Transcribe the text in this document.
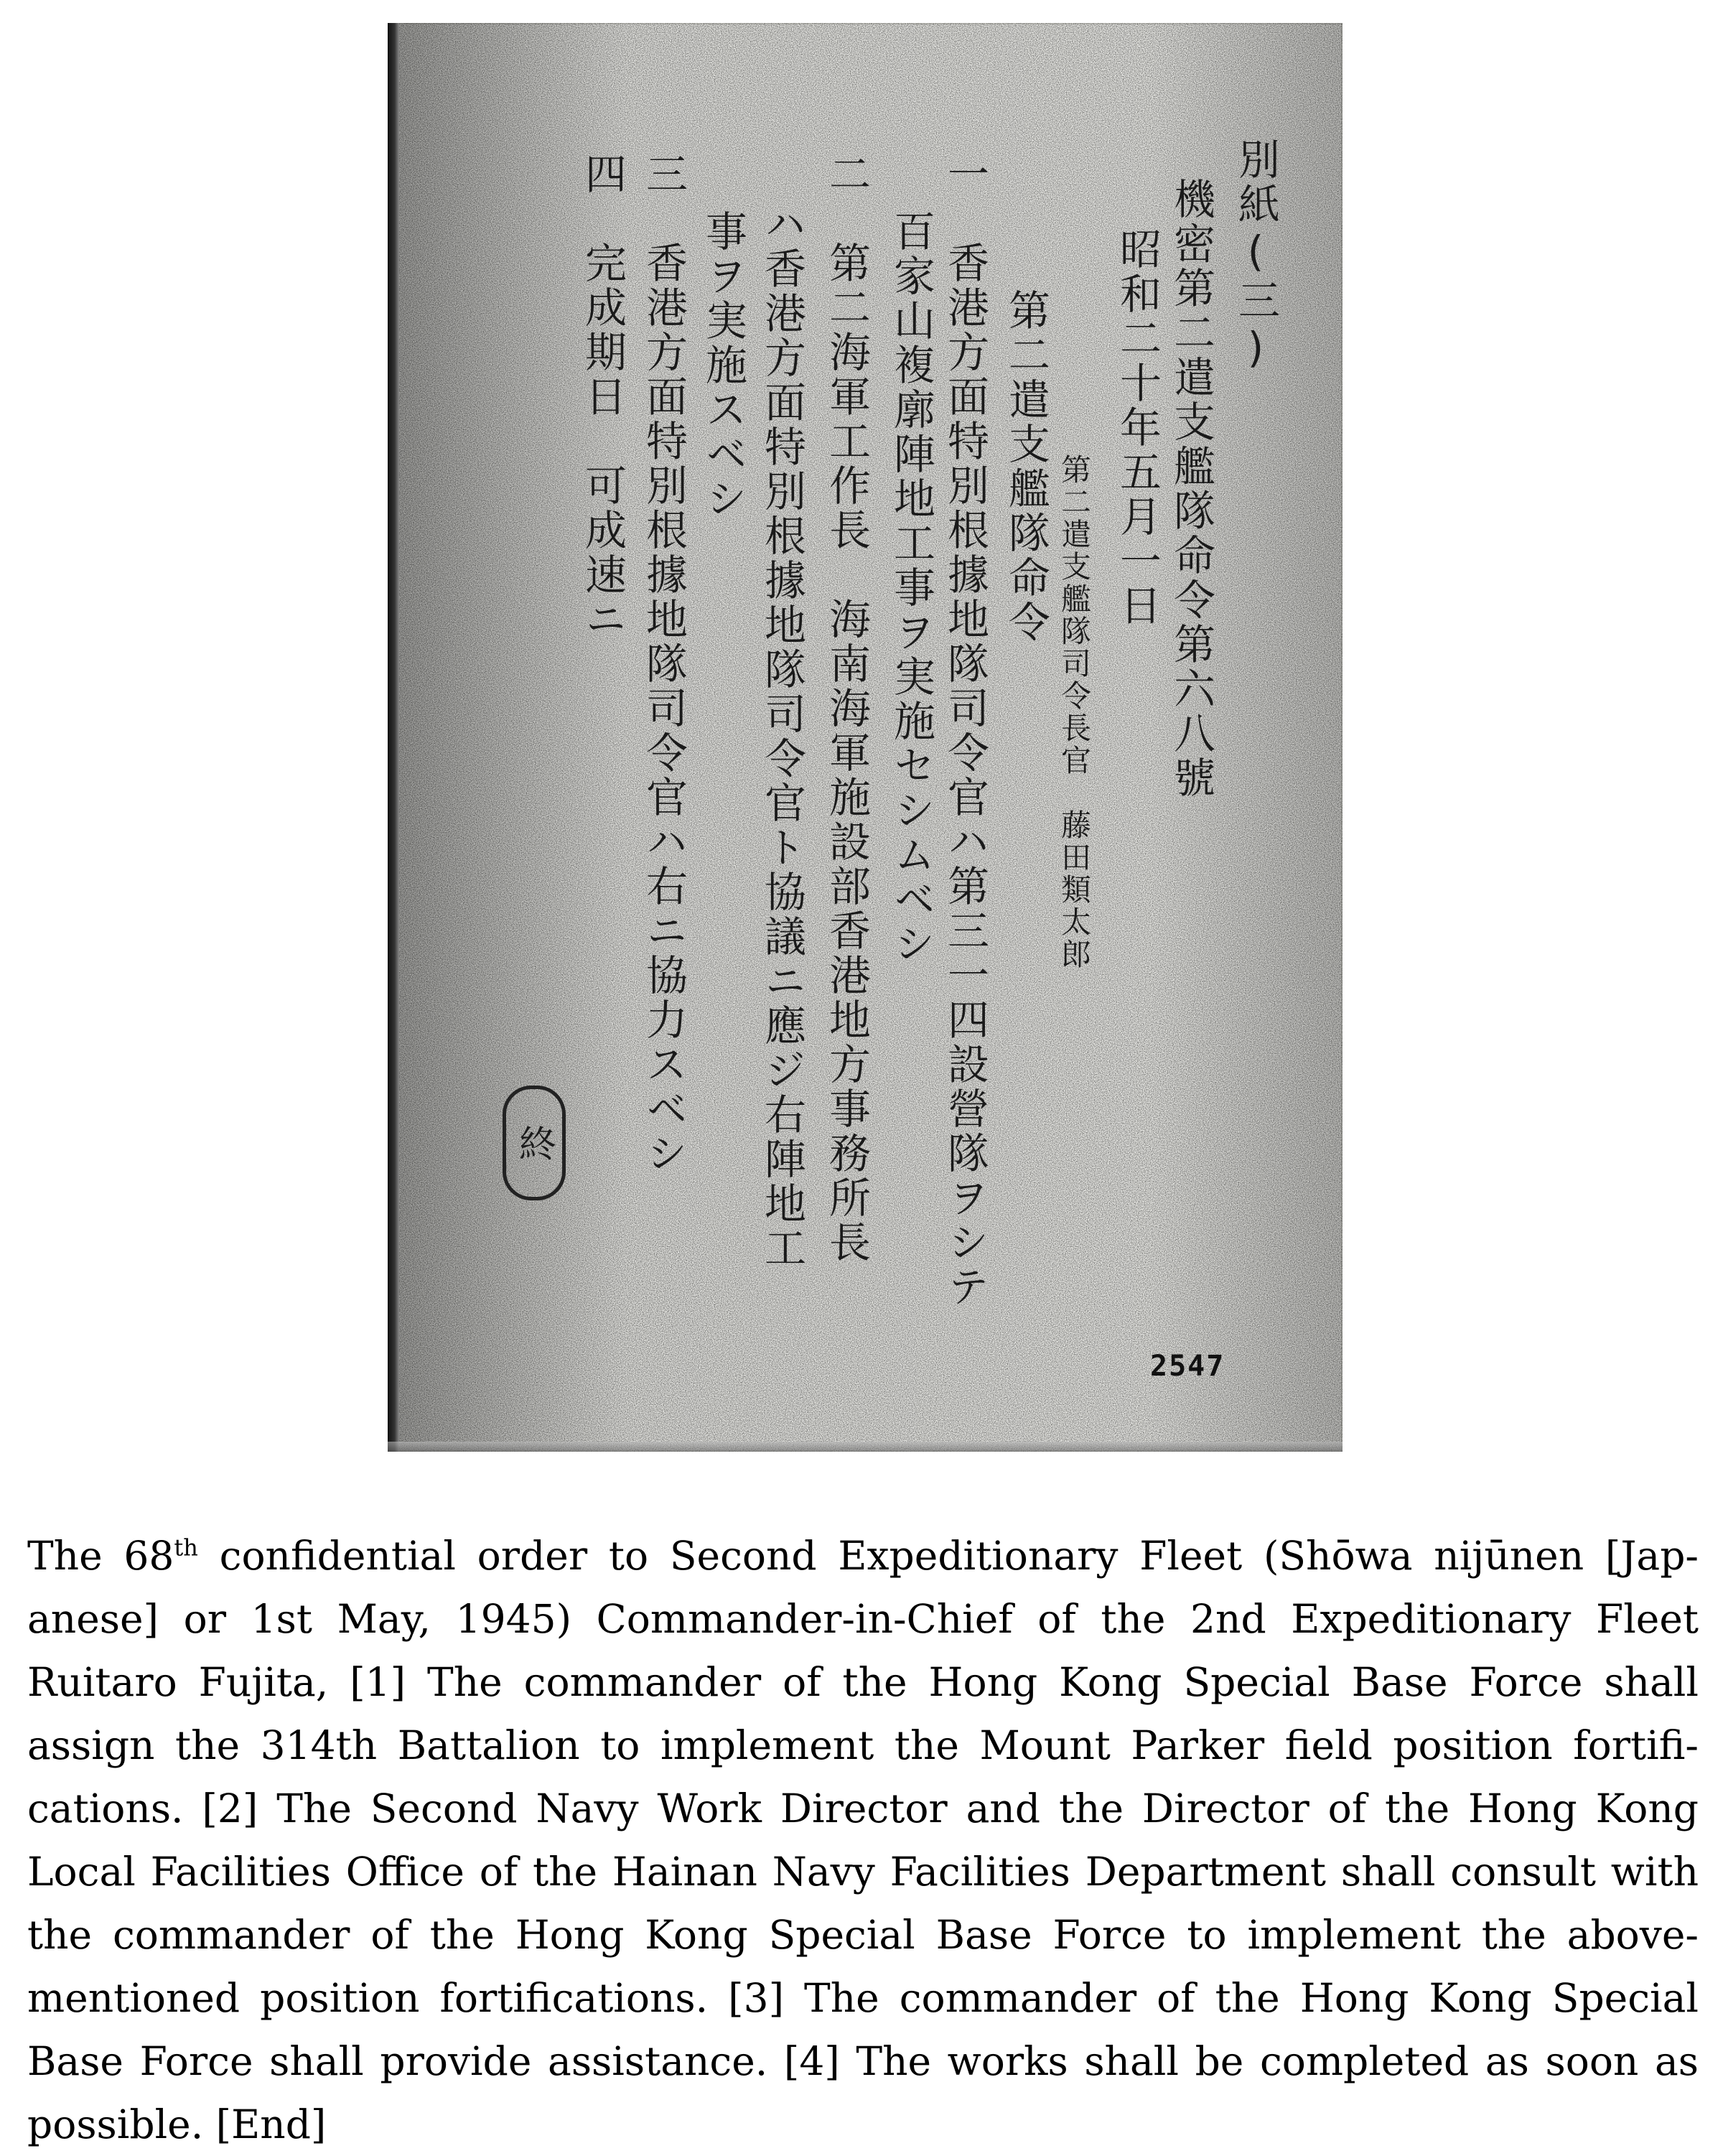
別紙(三)
機密第二遣支艦隊命令第六八號
昭和二十年五月一日
第二遣支艦隊司令長官　藤田類太郎
第二遣支艦隊命令
一　香港方面特別根據地隊司令官ハ第三一四設營隊ヲシテ
百家山複廓陣地工事ヲ実施セシムベシ
二　第二海軍工作長　海南海軍施設部香港地方事務所長
ハ香港方面特別根據地隊司令官ト協議ニ應ジ右陣地工
事ヲ実施スベシ
三　香港方面特別根據地隊司令官ハ右ニ協力スベシ
四　完成期日　可成速ニ
終
2547

The 68th confidential order to Second Expeditionary Fleet (Shōwa nijūnen [Jap-anese] or 1st May, 1945) Commander-in-Chief of the 2nd Expeditionary Fleet Ruitaro Fujita, [1] The commander of the Hong Kong Special Base Force shall assign the 314th Battalion to implement the Mount Parker field position fortifi-cations. [2] The Second Navy Work Director and the Director of the Hong Kong Local Facilities Office of the Hainan Navy Facilities Department shall consult with the commander of the Hong Kong Special Base Force to implement the above-mentioned position fortifications. [3] The commander of the Hong Kong Special Base Force shall provide assistance. [4] The works shall be completed as soon as possible. [End]
